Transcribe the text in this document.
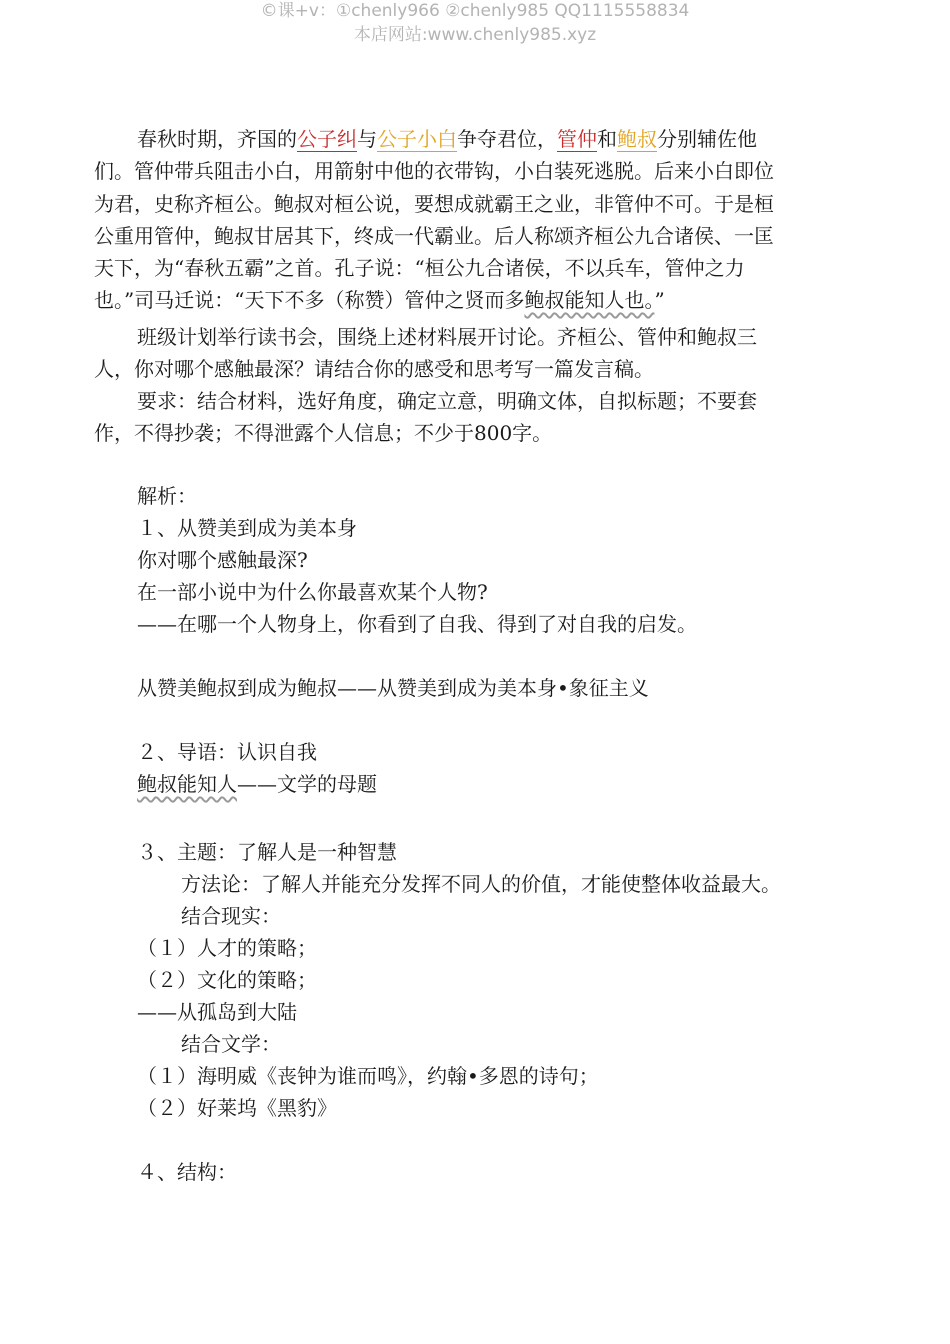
©课+v：①chenly966 ②chenly985 QQ1115558834
本店网站:www.chenly985.xyz
春秋时期，齐国的公子纠与公子小白争夺君位，管仲和鲍叔分别辅佐他
们。管仲带兵阻击小白，用箭射中他的衣带钩，小白装死逃脱。后来小白即位
为君，史称齐桓公。鲍叔对桓公说，要想成就霸王之业，非管仲不可。于是桓
公重用管仲，鲍叔甘居其下，终成一代霸业。后人称颂齐桓公九合诸侯、一匡
天下，为“春秋五霸”之首。孔子说：“桓公九合诸侯，不以兵车，管仲之力
也。”司马迁说：“天下不多（称赞）管仲之贤而多鲍叔能知人也。”
班级计划举行读书会，围绕上述材料展开讨论。齐桓公、管仲和鲍叔三
人，你对哪个感触最深？请结合你的感受和思考写一篇发言稿。
要求：结合材料，选好角度，确定立意，明确文体，自拟标题；不要套
作，不得抄袭；不得泄露个人信息；不少于800字。
解析：
１、从赞美到成为美本身
你对哪个感触最深?
在一部小说中为什么你最喜欢某个人物?
——在哪一个人物身上，你看到了自我、得到了对自我的启发。
从赞美鲍叔到成为鲍叔——从赞美到成为美本身•象征主义
２、导语：认识自我
鲍叔能知人——文学的母题
３、主题：了解人是一种智慧
方法论：了解人并能充分发挥不同人的价值，才能使整体收益最大。
结合现实：
（１）人才的策略；
（２）文化的策略；
——从孤岛到大陆
结合文学：
（１）海明威《丧钟为谁而鸣》，约翰•多恩的诗句；
（２）好莱坞《黑豹》
４、结构：
